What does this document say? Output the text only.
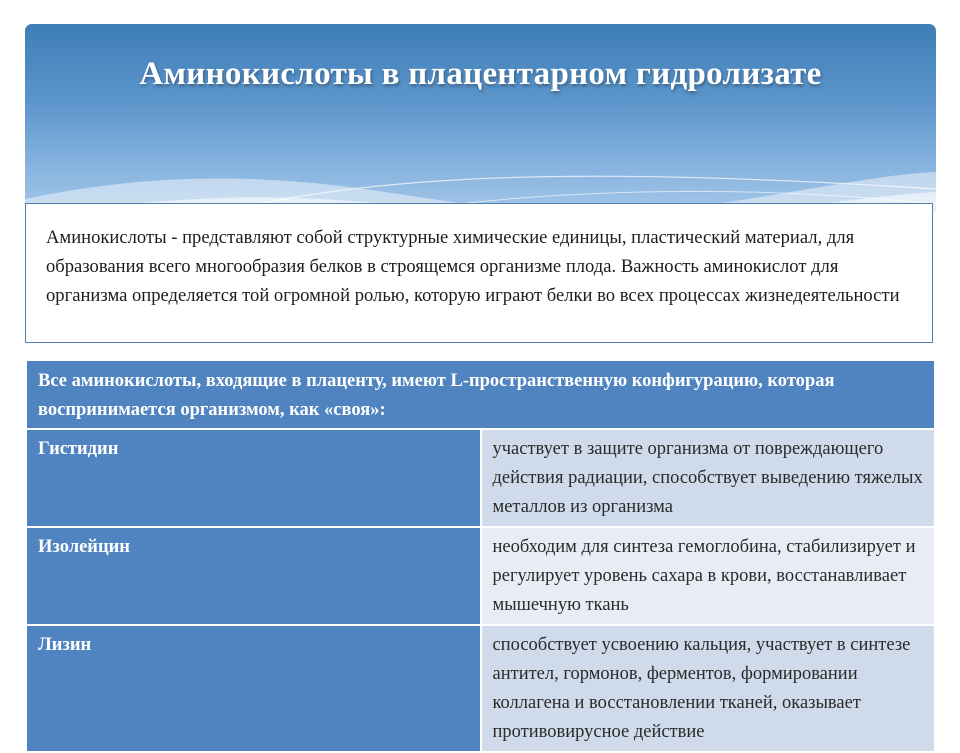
Аминокислоты в плацентарном гидролизате
Аминокислоты - представляют собой структурные химические единицы, пластический материал, для образования всего многообразия белков в строящемся организме плода. Важность аминокислот для организма определяется той огромной ролью, которую играют белки во всех процессах жизнедеятельности
Все аминокислоты, входящие в плаценту, имеют L-пространственную конфигурацию, которая воспринимается организмом, как «своя»:	
Гистидин	участвует в защите организма от повреждающего действия радиации, способствует выведению тяжелых металлов из организма
Изолейцин	необходим для синтеза гемоглобина, стабилизирует и регулирует уровень сахара в крови, восстанавливает мышечную ткань
Лизин	способствует усвоению кальция, участвует в синтезе антител, гормонов, ферментов, формировании коллагена и восстановлении тканей, оказывает противовирусное действие
